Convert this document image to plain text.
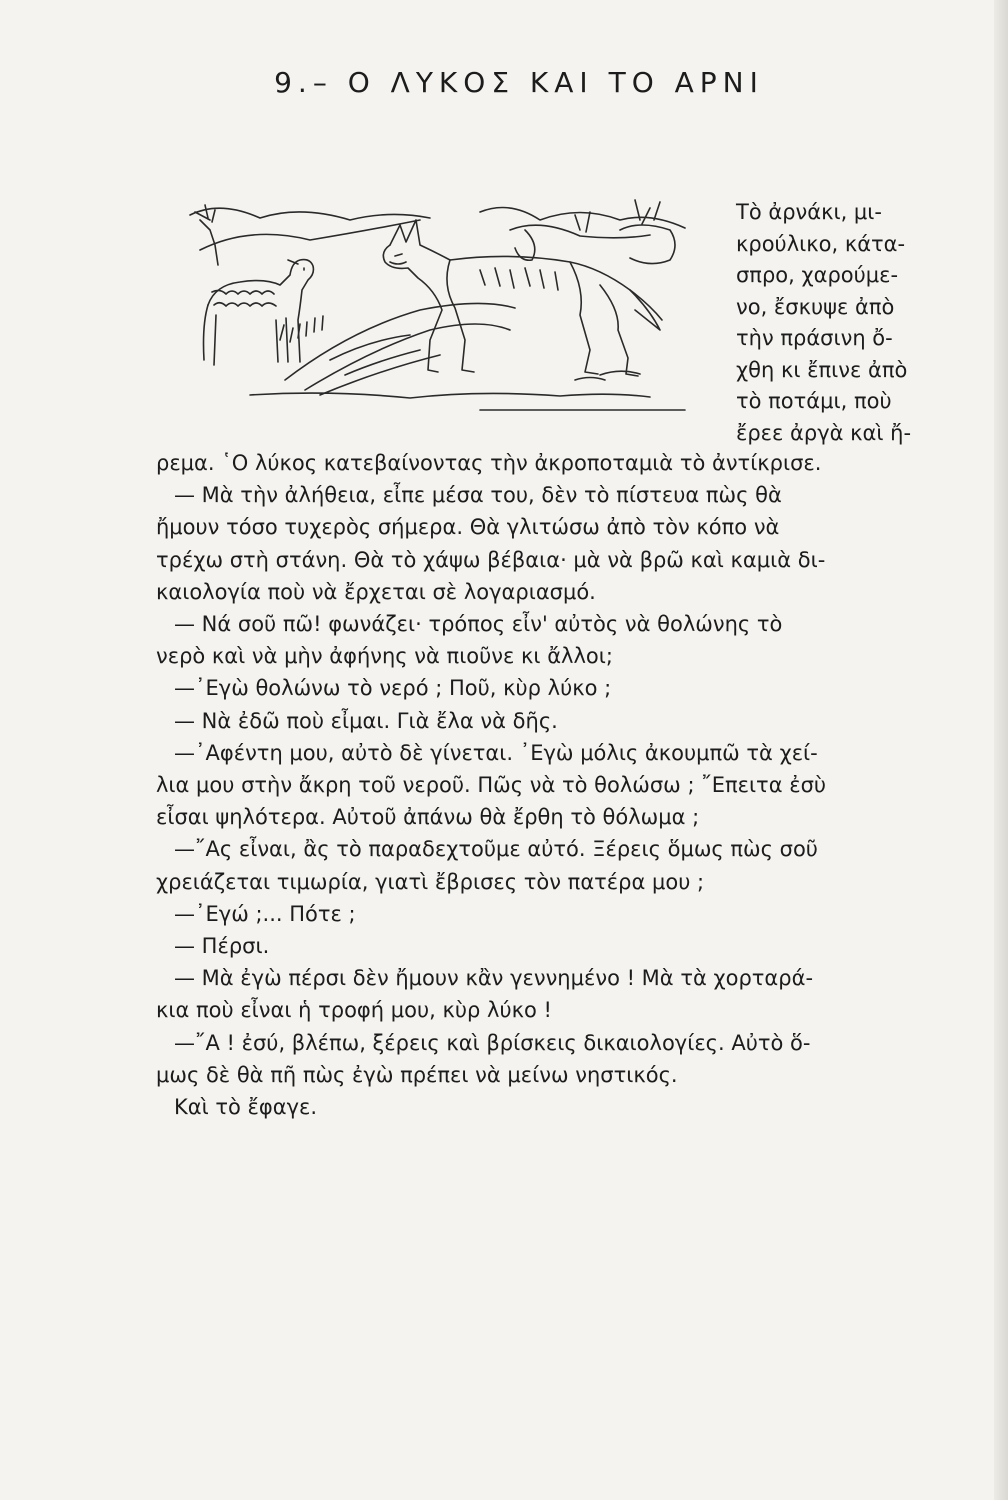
9.– Ο ΛΥΚΟΣ ΚΑΙ ΤΟ ΑΡΝΙ
Τὸ ἀρνάκι, μι-
κρούλικο, κάτα-
σπρο, χαρούμε-
νο, ἔσκυψε ἀπὸ
τὴν πράσινη ὄ-
χθη κι ἔπινε ἀπὸ
τὸ ποτάμι, ποὺ
ἔρεε ἀργὰ καὶ ἤ-
ρεμα. ῾Ο λύκος κατεβαίνοντας τὴν ἀκροποταμιὰ τὸ ἀντίκρισε.
— Μὰ τὴν ἀλήθεια, εἶπε μέσα του, δὲν τὸ πίστευα πὼς θὰ
ἤμουν τόσο τυχερὸς σήμερα. Θὰ γλιτώσω ἀπὸ τὸν κόπο νὰ
τρέχω στὴ στάνη. Θὰ τὸ χάψω βέβαια· μὰ νὰ βρῶ καὶ καμιὰ δι-
καιολογία ποὺ νὰ ἔρχεται σὲ λογαριασμό.
— Νά σοῦ πῶ! φωνάζει· τρόπος εἶν' αὐτὸς νὰ θολώνης τὸ
νερὸ καὶ νὰ μὴν ἀφήνης νὰ πιοῦνε κι ἄλλοι;
—᾿Εγὼ θολώνω τὸ νερό ; Ποῦ, κὺρ λύκο ;
— Νὰ ἐδῶ ποὺ εἶμαι. Γιὰ ἔλα νὰ δῆς.
—᾿Αφέντη μου, αὐτὸ δὲ γίνεται. ᾿Εγὼ μόλις ἀκουμπῶ τὰ χεί-
λια μου στὴν ἄκρη τοῦ νεροῦ. Πῶς νὰ τὸ θολώσω ; ῎Επειτα ἐσὺ
εἶσαι ψηλότερα. Αὐτοῦ ἀπάνω θὰ ἔρθη τὸ θόλωμα ;
—῎Ας εἶναι, ἂς τὸ παραδεχτοῦμε αὐτό. Ξέρεις ὅμως πὼς σοῦ
χρειάζεται τιμωρία, γιατὶ ἔβρισες τὸν πατέρα μου ;
—᾿Εγώ ;... Πότε ;
— Πέρσι.
— Μὰ ἐγὼ πέρσι δὲν ἤμουν κἂν γεννημένο ! Μὰ τὰ χορταρά-
κια ποὺ εἶναι ἡ τροφή μου, κὺρ λύκο !
—῎Α ! ἐσύ, βλέπω, ξέρεις καὶ βρίσκεις δικαιολογίες. Αὐτὸ ὅ-
μως δὲ θὰ πῆ πὼς ἐγὼ πρέπει νὰ μείνω νηστικός.
Καὶ τὸ ἔφαγε.
